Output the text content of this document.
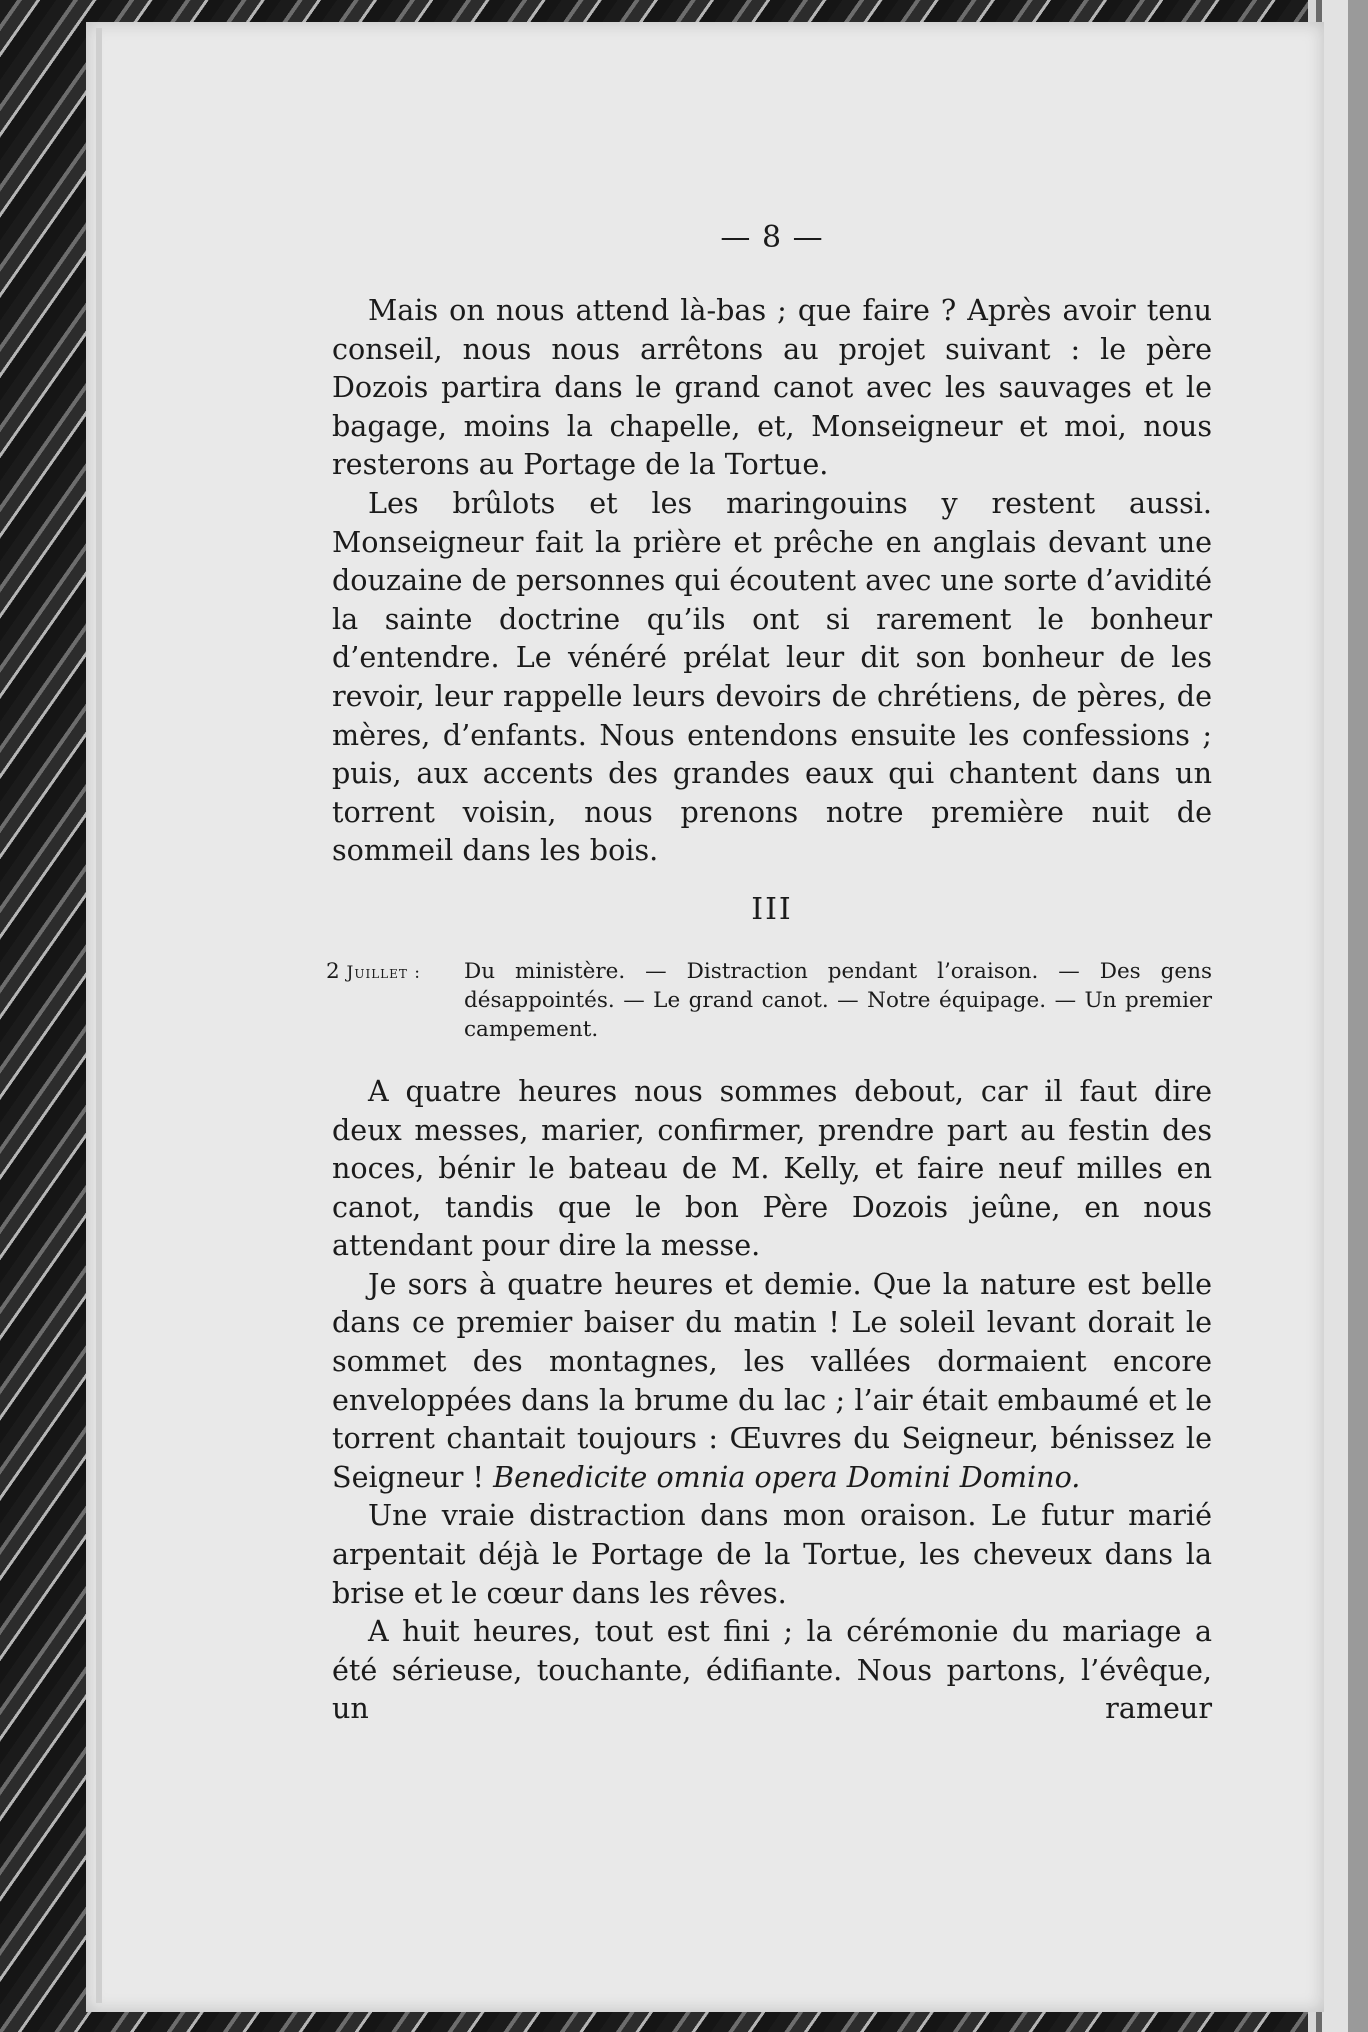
— 8 —

Mais on nous attend là-bas ; que faire ? Après avoir tenu conseil, nous nous arrêtons au projet suivant : le père Dozois partira dans le grand canot avec les sauvages et le bagage, moins la chapelle, et, Monseigneur et moi, nous resterons au Portage de la Tortue.

Les brûlots et les maringouins y restent aussi. Monseigneur fait la prière et prêche en anglais devant une douzaine de personnes qui écoutent avec une sorte d’avidité la sainte doctrine qu’ils ont si rarement le bonheur d’entendre. Le vénéré prélat leur dit son bonheur de les revoir, leur rappelle leurs devoirs de chrétiens, de pères, de mères, d’enfants. Nous entendons ensuite les confessions ; puis, aux accents des grandes eaux qui chantent dans un torrent voisin, nous prenons notre première nuit de sommeil dans les bois.

III
2 Juillet : Du ministère. — Distraction pendant l’oraison. — Des gens désappointés. — Le grand canot. — Notre équipage. — Un premier campement.

A quatre heures nous sommes debout, car il faut dire deux messes, marier, confirmer, prendre part au festin des noces, bénir le bateau de M. Kelly, et faire neuf milles en canot, tandis que le bon Père Dozois jeûne, en nous attendant pour dire la messe.

Je sors à quatre heures et demie. Que la nature est belle dans ce premier baiser du matin ! Le soleil levant dorait le sommet des montagnes, les vallées dormaient encore enveloppées dans la brume du lac ; l’air était embaumé et le torrent chantait toujours : Œuvres du Seigneur, bénissez le Seigneur ! Benedicite omnia opera Domini Domino.

Une vraie distraction dans mon oraison. Le futur marié arpentait déjà le Portage de la Tortue, les cheveux dans la brise et le cœur dans les rêves.

A huit heures, tout est fini ; la cérémonie du mariage a été sérieuse, touchante, édifiante. Nous partons, l’évêque, un rameur
